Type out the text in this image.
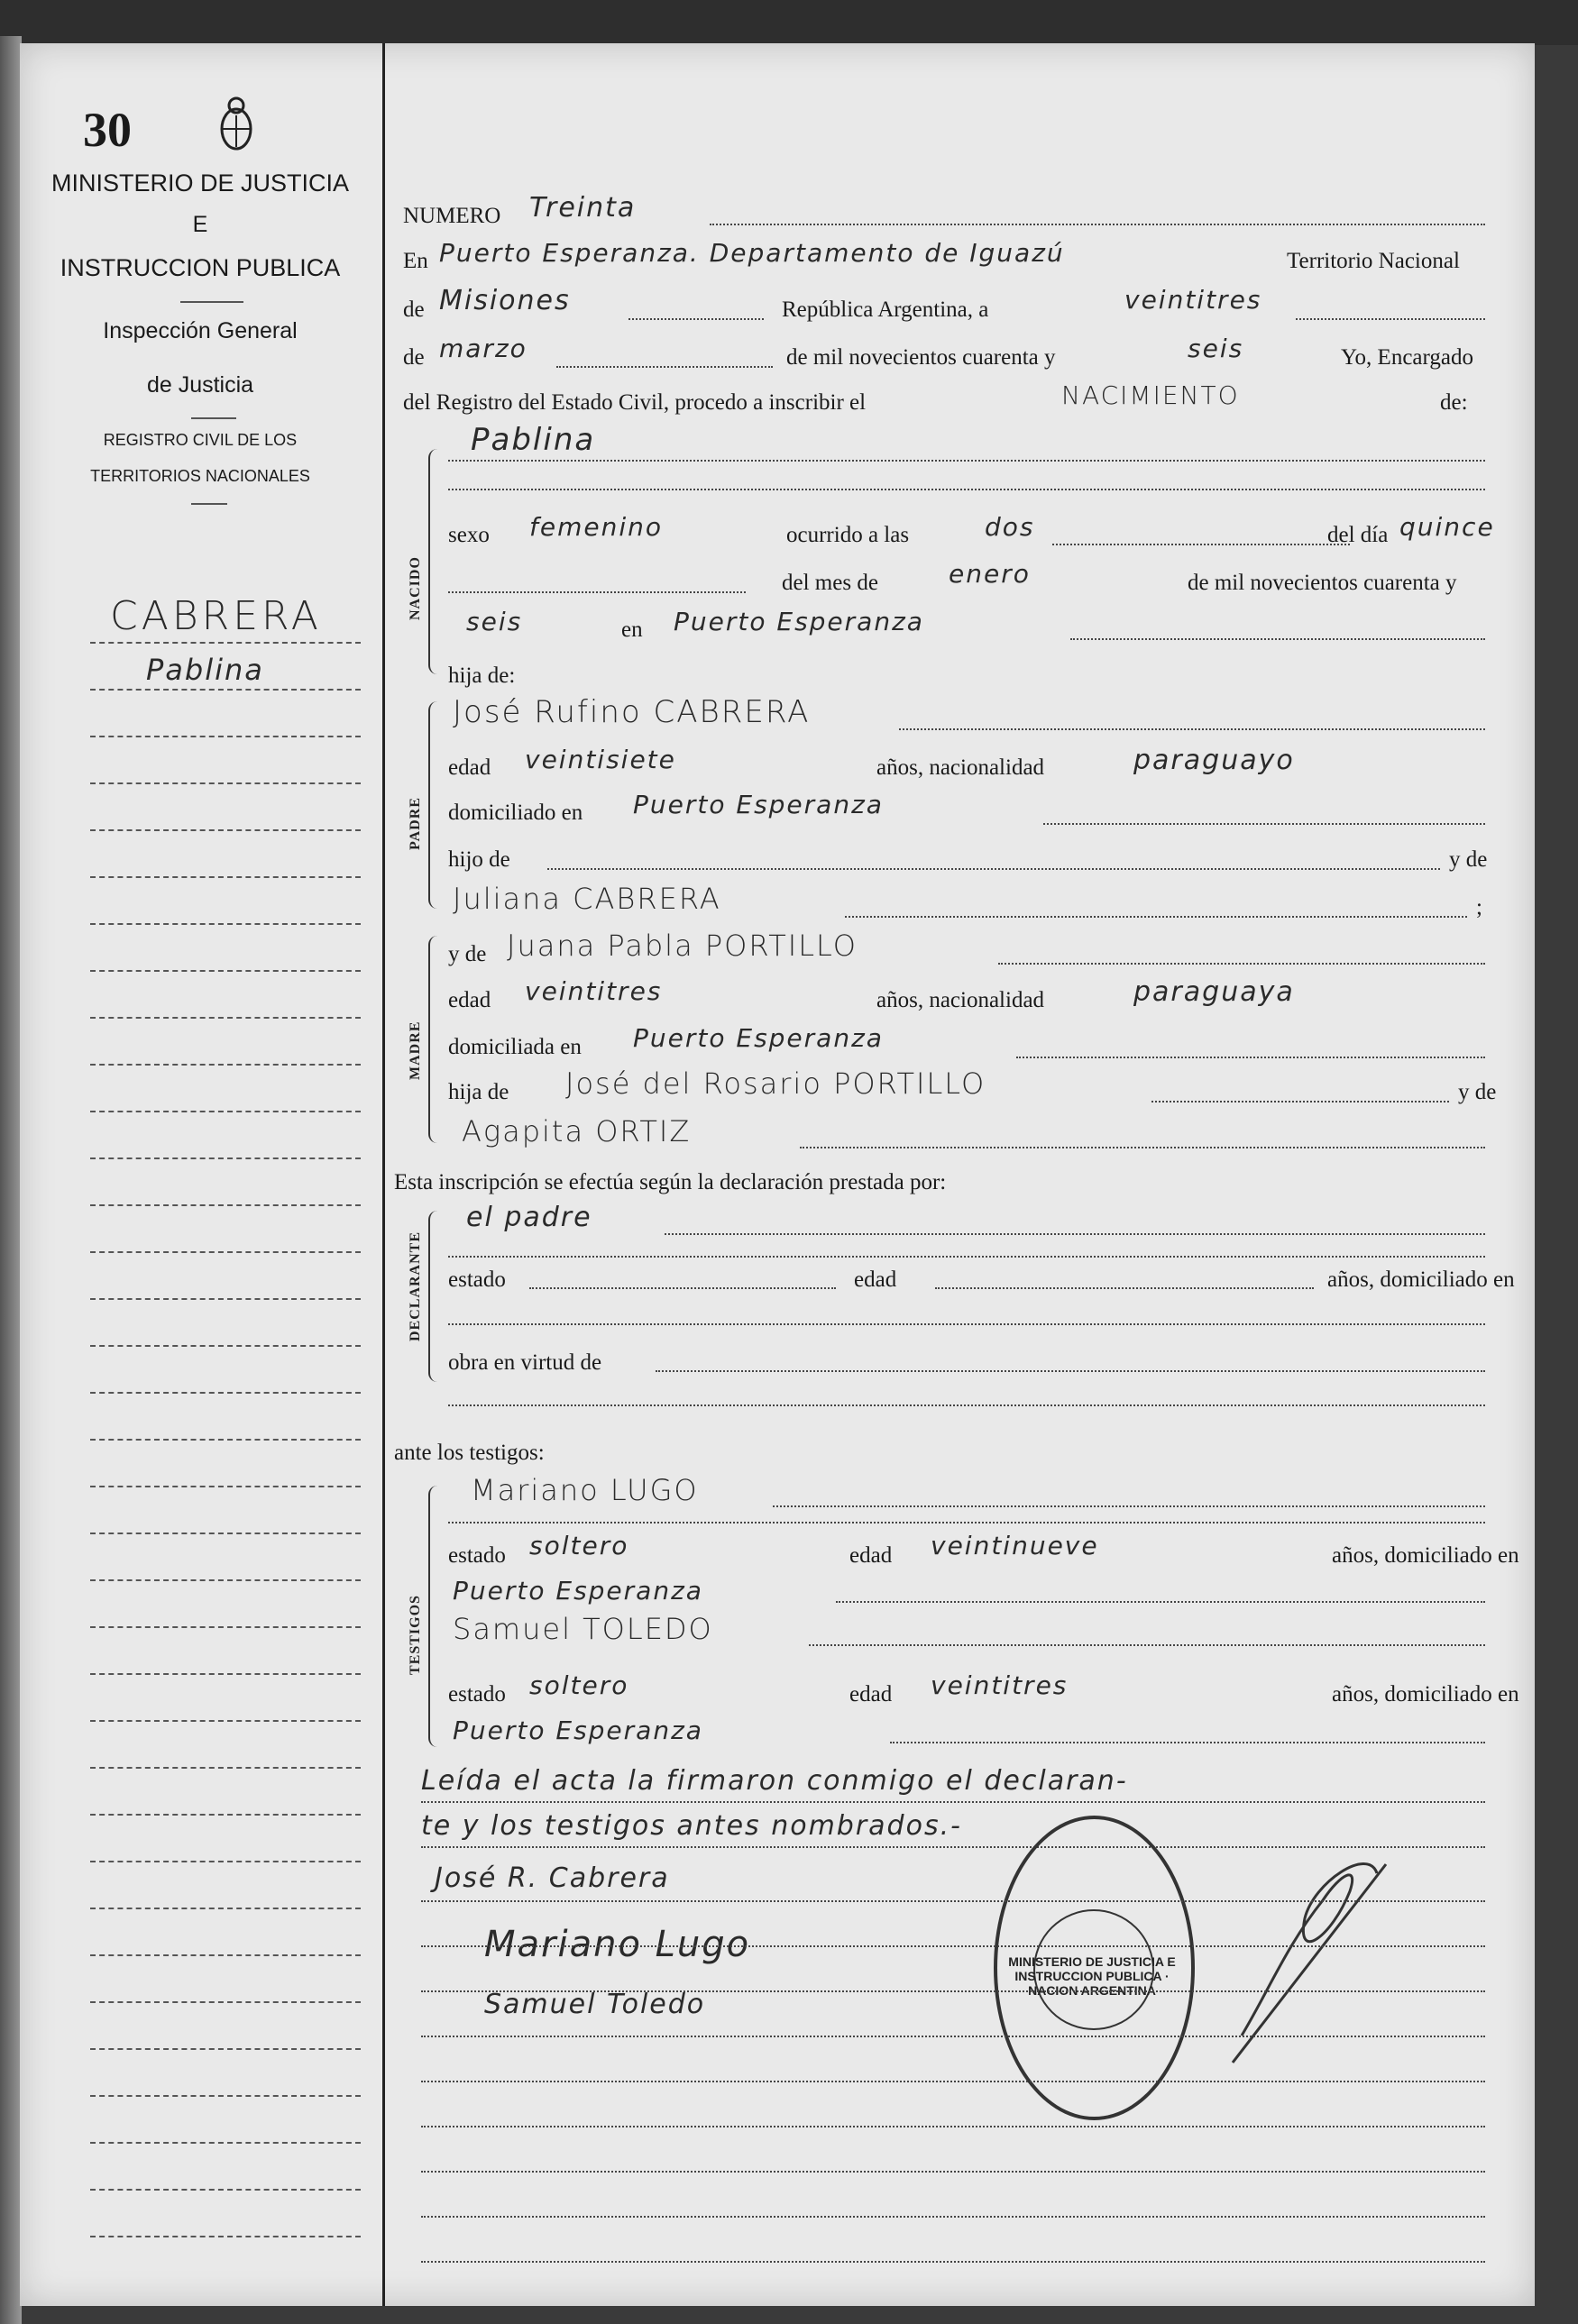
30
MINISTERIO DE JUSTICIA
E
INSTRUCCION PUBLICA
Inspección General
de Justicia
REGISTRO CIVIL DE LOS
TERRITORIOS NACIONALES
CABRERA
Pablina
NUMERO Treinta
En Puerto Esperanza. Departamento de Iguazú	Territorio Nacional
de Misiones	República Argentina, a	veintitres
de marzo	de mil novecientos cuarenta y	seis	Yo, Encargado
del Registro del Estado Civil, procedo a inscribir el	NACIMIENTO	de:
NACIDO
Pablina
sexo femenino	ocurrido a las	dos	del día quince
del mes de	enero	de mil novecientos cuarenta y
seis	en Puerto Esperanza
hija de:
PADRE
José Rufino CABRERA
edad veintisiete	años, nacionalidad	paraguayo
domiciliado en Puerto Esperanza
hijo de	y de
Juliana CABRERA	;
MADRE
y de Juana Pabla PORTILLO
edad veintitres	años, nacionalidad	paraguaya
domiciliada en Puerto Esperanza
hija de José del Rosario PORTILLO	y de
Agapita ORTIZ
Esta inscripción se efectúa según la declaración prestada por:
DECLARANTE
el padre
estado	edad	años, domiciliado en
obra en virtud de
ante los testigos:
TESTIGOS
Mariano LUGO
estado soltero	edad veintinueve	años, domiciliado en
Puerto Esperanza
Samuel TOLEDO
estado soltero	edad veintitres	años, domiciliado en
Puerto Esperanza
Leída el acta la firmaron conmigo el declaran-
te y los testigos antes nombrados.-
José R. Cabrera
Mariano Lugo
Samuel Toledo
MINISTERIO DE JUSTICIA E INSTRUCCION PUBLICA · NACION ARGENTINA
